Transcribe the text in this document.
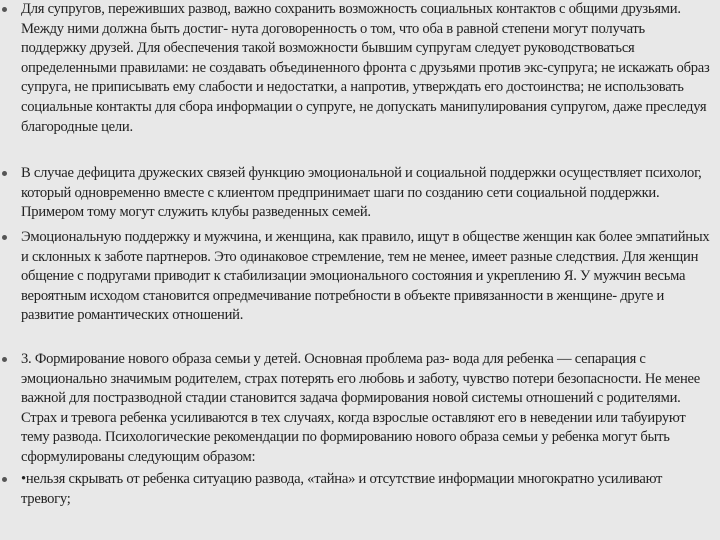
Для супругов, переживших развод, важно сохранить возможность социальных контактов с общими друзьями. Между ними должна быть достиг- нута договоренность о том, что оба в равной степени могут получать поддержку друзей. Для обеспечения такой возможности бывшим супругам следует руководствоваться определенными правилами: не создавать объединенного фронта с друзьями против экс-супруга; не искажать образ супруга, не приписывать ему слабости и недостатки, а напротив, утверждать его достоинства; не использовать социальные контакты для сбора информации о супруге, не допускать манипулирования супругом, даже преследуя благородные цели.
В случае дефицита дружеских связей функцию эмоциональной и социальной поддержки осуществляет психолог, который одновременно вместе с клиентом предпринимает шаги по созданию сети социальной поддержки. Примером тому могут служить клубы разведенных семей.
Эмоциональную поддержку и мужчина, и женщина, как правило, ищут в обществе женщин как более эмпатийных и склонных к заботе партнеров. Это одинаковое стремление, тем не менее, имеет разные следствия. Для женщин общение с подругами приводит к стабилизации эмоционального состояния и укреплению Я. У мужчин весьма вероятным исходом становится опредмечивание потребности в объекте привязанности в женщине- друге и развитие романтических отношений.
3. Формирование нового образа семьи у детей. Основная проблема раз- вода для ребенка — сепарация с эмоционально значимым родителем, страх потерять его любовь и заботу, чувство потери безопасности. Не менее важной для постразводной стадии становится задача формирования новой системы отношений с родителями. Страх и тревога ребенка усиливаются в тех случаях, когда взрослые оставляют его в неведении или табуируют тему развода. Психологические рекомендации по формированию нового образа семьи у ребенка могут быть сформулированы следующим образом:
•нельзя скрывать от ребенка ситуацию развода, «тайна» и отсутствие информации многократно усиливают тревогу;
